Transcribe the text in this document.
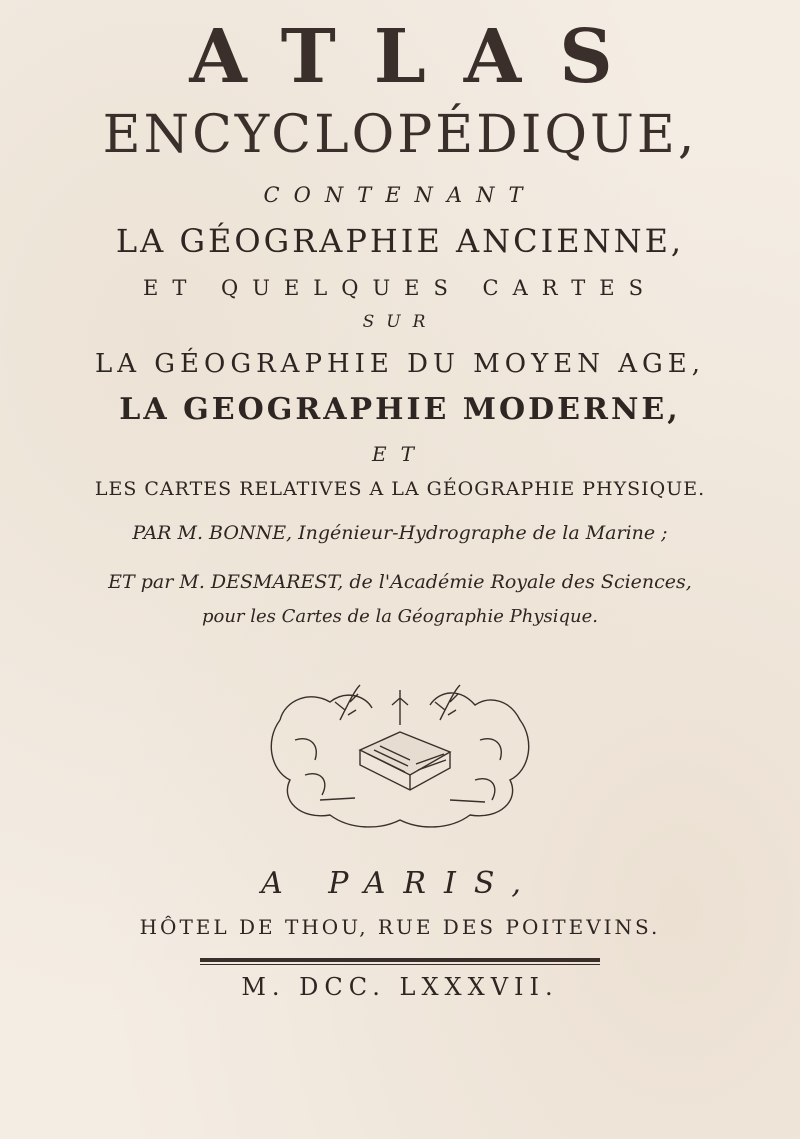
ATLAS
ENCYCLOPÉDIQUE,
CONTENANT
LA GÉOGRAPHIE ANCIENNE,
ET QUELQUES CARTES
SUR
LA GÉOGRAPHIE DU MOYEN AGE,
LA GEOGRAPHIE MODERNE,
ET
LES CARTES RELATIVES A LA GÉOGRAPHIE PHYSIQUE.
PAR M. BONNE, Ingénieur-Hydrographe de la Marine ;
ET par M. DESMAREST, de l'Académie Royale des Sciences,
pour les Cartes de la Géographie Physique.
A PARIS,
HÔTEL DE THOU, RUE DES POITEVINS.
M. DCC. LXXXVII.
